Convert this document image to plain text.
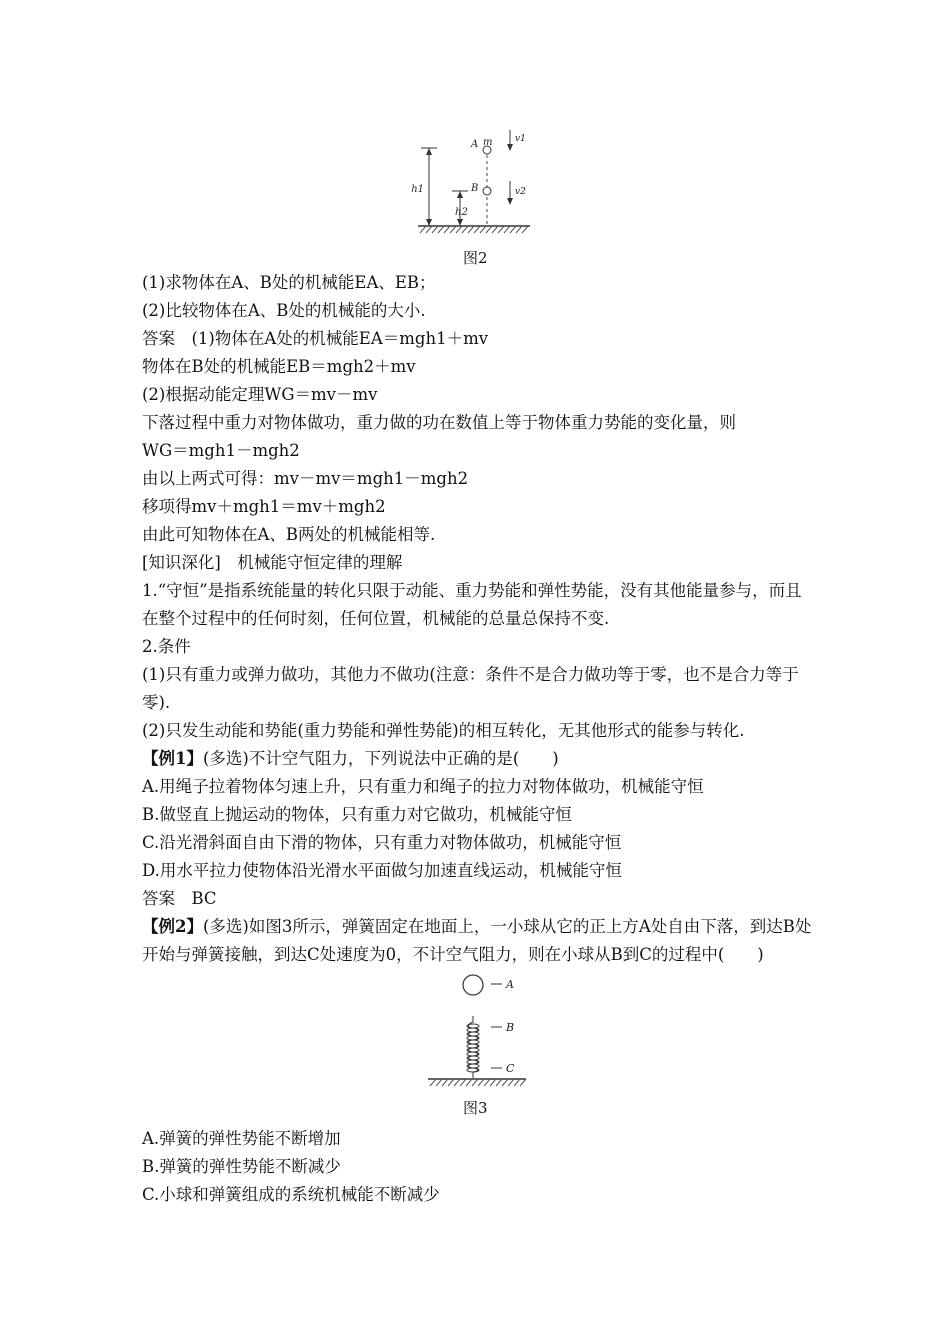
h1
h2
A m
B
v1
v2
图2
(1)求物体在A、B处的机械能EA、EB；
(2)比较物体在A、B处的机械能的大小.
答案　(1)物体在A处的机械能EA＝mgh1＋mv
物体在B处的机械能EB＝mgh2＋mv
(2)根据动能定理WG＝mv－mv
下落过程中重力对物体做功，重力做的功在数值上等于物体重力势能的变化量，则
WG＝mgh1－mgh2
由以上两式可得：mv－mv＝mgh1－mgh2
移项得mv＋mgh1＝mv＋mgh2
由此可知物体在A、B两处的机械能相等.
[知识深化]　机械能守恒定律的理解
1.“守恒”是指系统能量的转化只限于动能、重力势能和弹性势能，没有其他能量参与，而且在整个过程中的任何时刻，任何位置，机械能的总量总保持不变.
2.条件
(1)只有重力或弹力做功，其他力不做功(注意：条件不是合力做功等于零，也不是合力等于零).
(2)只发生动能和势能(重力势能和弹性势能)的相互转化，无其他形式的能参与转化.
【例1】(多选)不计空气阻力，下列说法中正确的是(　　)
A.用绳子拉着物体匀速上升，只有重力和绳子的拉力对物体做功，机械能守恒
B.做竖直上抛运动的物体，只有重力对它做功，机械能守恒
C.沿光滑斜面自由下滑的物体，只有重力对物体做功，机械能守恒
D.用水平拉力使物体沿光滑水平面做匀加速直线运动，机械能守恒
答案　BC
【例2】(多选)如图3所示，弹簧固定在地面上，一小球从它的正上方A处自由下落，到达B处开始与弹簧接触，到达C处速度为0，不计空气阻力，则在小球从B到C的过程中(　　)
A
B
C
图3
A.弹簧的弹性势能不断增加
B.弹簧的弹性势能不断减少
C.小球和弹簧组成的系统机械能不断减少
